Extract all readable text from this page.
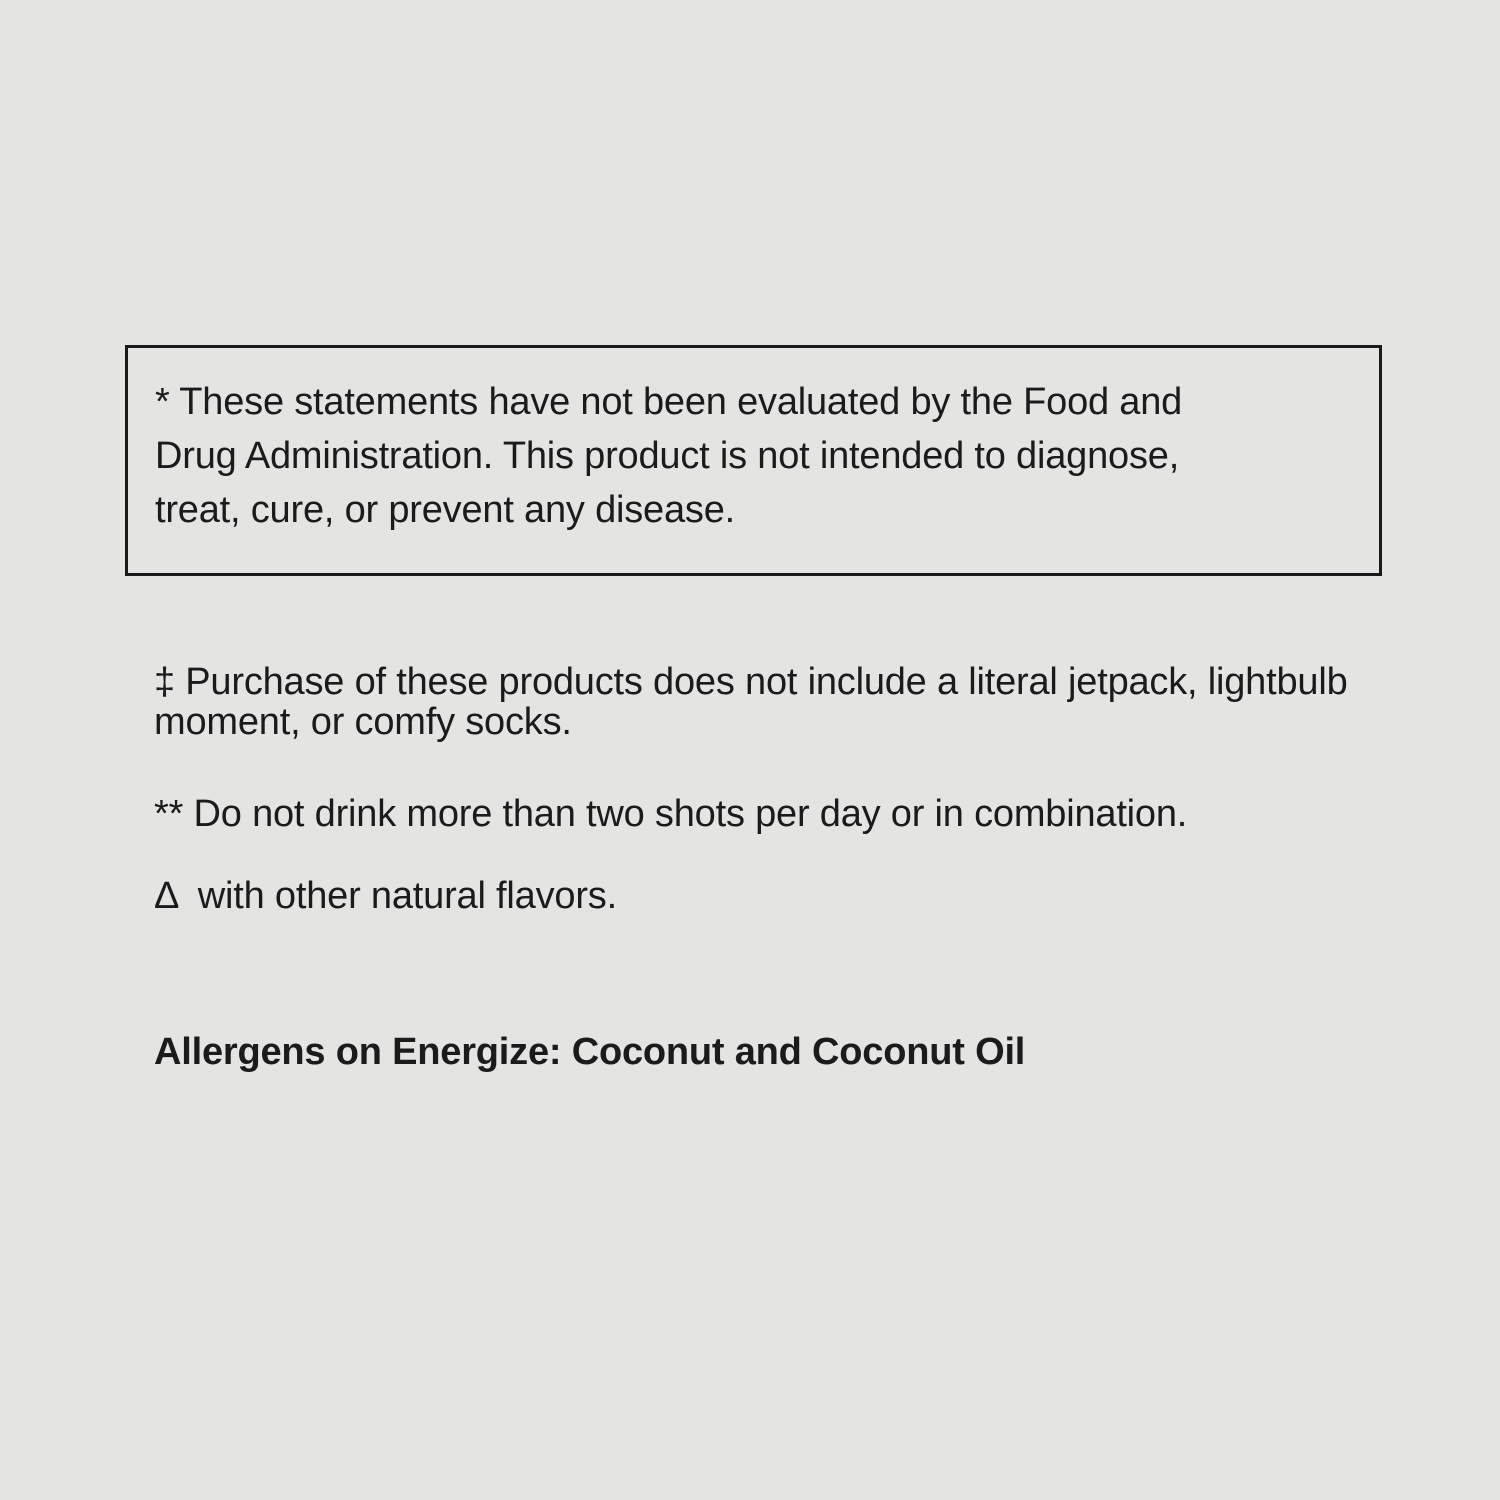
* These statements have not been evaluated by the Food and
Drug Administration. This product is not intended to diagnose,
treat, cure, or prevent any disease.

‡ Purchase of these products does not include a literal jetpack, lightbulb
moment, or comfy socks.

** Do not drink more than two shots per day or in combination.

Δ  with other natural flavors.

Allergens on Energize: Coconut and Coconut Oil
